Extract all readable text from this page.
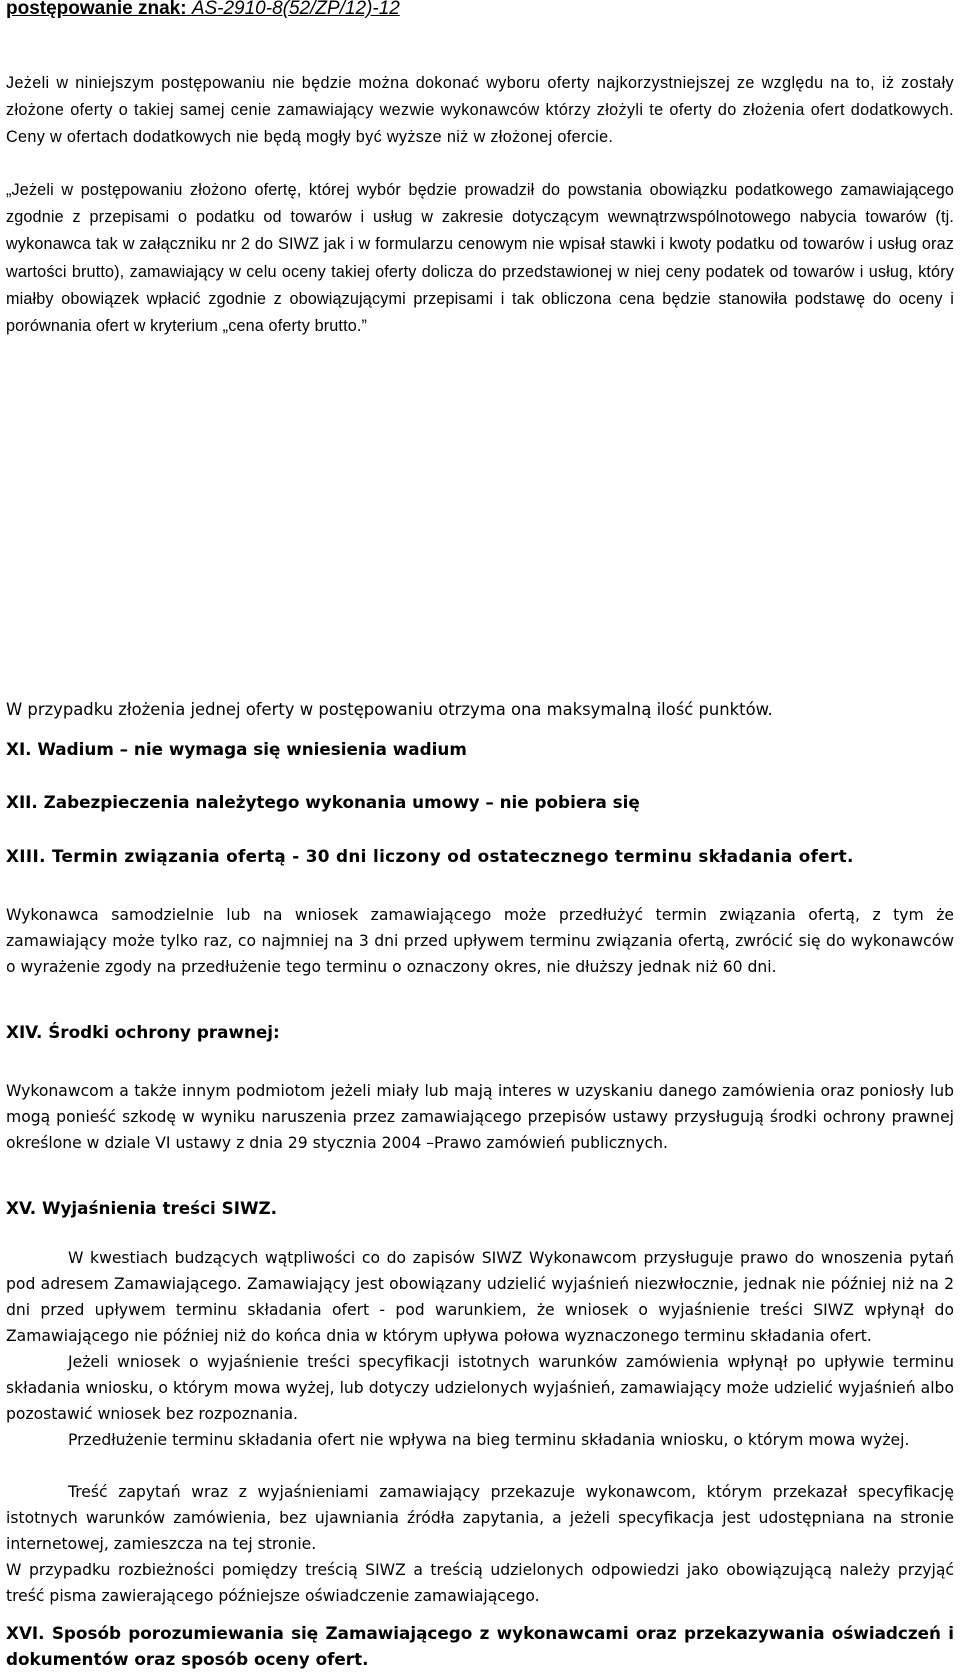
postępowanie znak: AS-2910-8(52/ZP/12)-12
Jeżeli w niniejszym postępowaniu nie będzie można dokonać wyboru oferty najkorzystniejszej ze względu na to, iż zostały złożone oferty o takiej samej cenie zamawiający wezwie wykonawców którzy złożyli te oferty do złożenia ofert dodatkowych. Ceny w ofertach dodatkowych nie będą mogły być wyższe niż w złożonej ofercie.
„Jeżeli w postępowaniu złożono ofertę, której wybór będzie prowadził do powstania obowiązku podatkowego zamawiającego zgodnie z przepisami o podatku od towarów i usług w zakresie dotyczącym wewnątrzwspólnotowego nabycia towarów (tj. wykonawca tak w załączniku nr 2 do SIWZ jak i w formularzu cenowym nie wpisał stawki i kwoty podatku od towarów i usług oraz wartości brutto), zamawiający w celu oceny takiej oferty dolicza do przedstawionej w niej ceny podatek od towarów i usług, który miałby obowiązek wpłacić zgodnie z obowiązującymi przepisami i tak obliczona cena będzie stanowiła podstawę do oceny i porównania ofert w kryterium „cena oferty brutto.”
W przypadku złożenia jednej oferty w postępowaniu otrzyma ona maksymalną ilość punktów.
XI. Wadium – nie wymaga się wniesienia wadium
XII. Zabezpieczenia należytego wykonania umowy – nie pobiera się
XIII. Termin związania ofertą - 30 dni liczony od ostatecznego terminu składania ofert.
Wykonawca samodzielnie lub na wniosek zamawiającego może przedłużyć termin związania ofertą, z tym że zamawiający może tylko raz, co najmniej na 3 dni przed upływem terminu związania ofertą, zwrócić się do wykonawców o wyrażenie zgody na przedłużenie tego terminu o oznaczony okres, nie dłuższy jednak niż 60 dni.
XIV. Środki ochrony prawnej:
Wykonawcom a także innym podmiotom jeżeli miały lub mają interes w uzyskaniu danego zamówienia oraz poniosły lub mogą ponieść szkodę w wyniku naruszenia przez zamawiającego przepisów ustawy przysługują środki ochrony prawnej określone w dziale VI ustawy z dnia 29 stycznia 2004 –Prawo zamówień publicznych.
XV. Wyjaśnienia treści SIWZ.
W kwestiach budzących wątpliwości co do zapisów SIWZ Wykonawcom przysługuje prawo do wnoszenia pytań pod adresem Zamawiającego. Zamawiający jest obowiązany udzielić wyjaśnień niezwłocznie, jednak nie później niż na 2 dni przed upływem terminu składania ofert - pod warunkiem, że wniosek o wyjaśnienie treści SIWZ wpłynął do Zamawiającego nie później niż do końca dnia w którym upływa połowa wyznaczonego terminu składania ofert.
Jeżeli wniosek o wyjaśnienie treści specyfikacji istotnych warunków zamówienia wpłynął po upływie terminu składania wniosku, o którym mowa wyżej, lub dotyczy udzielonych wyjaśnień, zamawiający może udzielić wyjaśnień albo pozostawić wniosek bez rozpoznania.
Przedłużenie terminu składania ofert nie wpływa na bieg terminu składania wniosku, o którym mowa wyżej.
Treść zapytań wraz z wyjaśnieniami zamawiający przekazuje wykonawcom, którym przekazał specyfikację istotnych warunków zamówienia, bez ujawniania źródła zapytania, a jeżeli specyfikacja jest udostępniana na stronie internetowej, zamieszcza na tej stronie.
W przypadku rozbieżności pomiędzy treścią SIWZ a treścią udzielonych odpowiedzi jako obowiązującą należy przyjąć treść pisma zawierającego późniejsze oświadczenie zamawiającego.
XVI. Sposób porozumiewania się Zamawiającego z wykonawcami oraz przekazywania oświadczeń i dokumentów oraz sposób oceny ofert.
